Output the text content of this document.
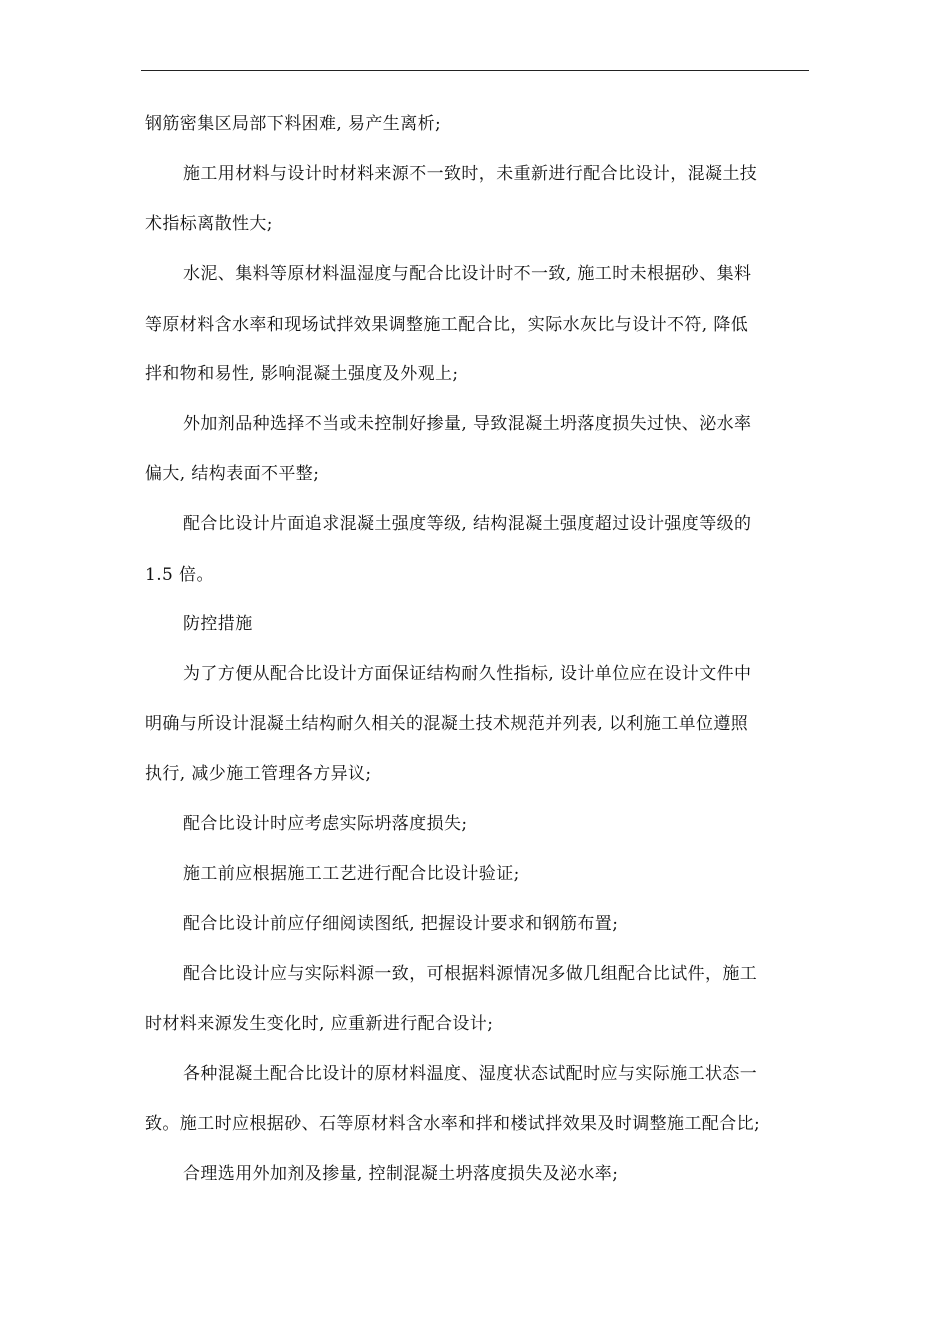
钢筋密集区局部下料困难, 易产生离析;
施工用材料与设计时材料来源不一致时，未重新进行配合比设计，混凝土技
术指标离散性大;
水泥、集料等原材料温湿度与配合比设计时不一致, 施工时未根据砂、集料
等原材料含水率和现场试拌效果调整施工配合比，实际水灰比与设计不符, 降低
拌和物和易性, 影响混凝土强度及外观上;
外加剂品种选择不当或未控制好掺量, 导致混凝土坍落度损失过快、泌水率
偏大, 结构表面不平整;
配合比设计片面追求混凝土强度等级, 结构混凝土强度超过设计强度等级的
1.5 倍。
防控措施
为了方便从配合比设计方面保证结构耐久性指标, 设计单位应在设计文件中
明确与所设计混凝土结构耐久相关的混凝土技术规范并列表, 以利施工单位遵照
执行, 减少施工管理各方异议;
配合比设计时应考虑实际坍落度损失;
施工前应根据施工工艺进行配合比设计验证;
配合比设计前应仔细阅读图纸, 把握设计要求和钢筋布置;
配合比设计应与实际料源一致，可根据料源情况多做几组配合比试件，施工
时材料来源发生变化时, 应重新进行配合设计;
各种混凝土配合比设计的原材料温度、湿度状态试配时应与实际施工状态一
致。施工时应根据砂、石等原材料含水率和拌和楼试拌效果及时调整施工配合比;
合理选用外加剂及掺量, 控制混凝土坍落度损失及泌水率;
